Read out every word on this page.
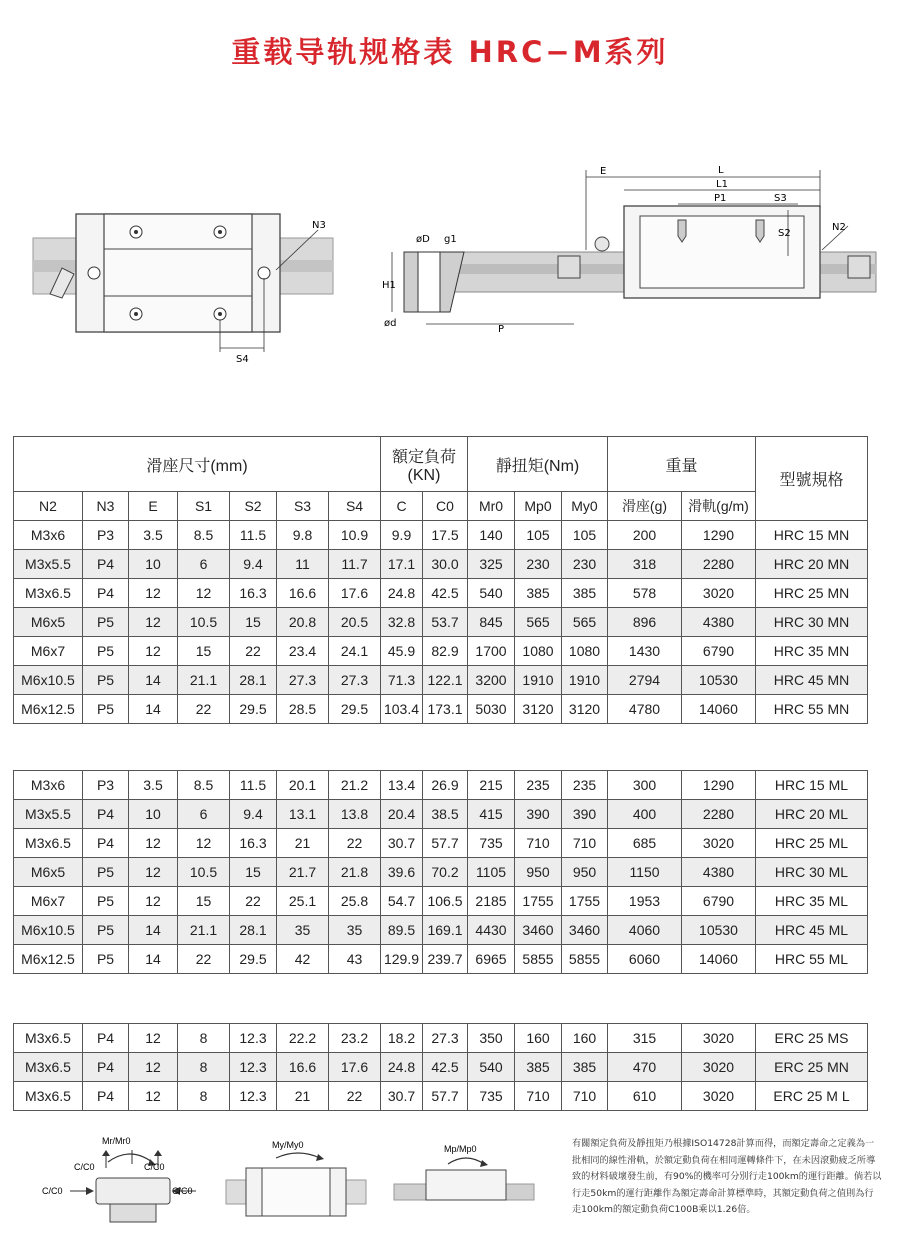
重载导轨规格表 HRC−M系列
N3
S4
E	L
L1
P1	S3
S2
N2
øD g1
H1
ød
P
滑座尺寸(mm)							額定負荷(KN)		靜扭矩(Nm)			重量		型號規格
N2	N3	E	S1	S2	S3	S4	C	C0	Mr0	Mp0	My0	滑座(g)	滑軌(g/m)	
M3x6	P3	3.5	8.5	11.5	9.8	10.9	9.9	17.5	140	105	105	200	1290	HRC 15 MN
M3x5.5	P4	10	6	9.4	11	11.7	17.1	30.0	325	230	230	318	2280	HRC 20 MN
M3x6.5	P4	12	12	16.3	16.6	17.6	24.8	42.5	540	385	385	578	3020	HRC 25 MN
M6x5	P5	12	10.5	15	20.8	20.5	32.8	53.7	845	565	565	896	4380	HRC 30 MN
M6x7	P5	12	15	22	23.4	24.1	45.9	82.9	1700	1080	1080	1430	6790	HRC 35 MN
M6x10.5	P5	14	21.1	28.1	27.3	27.3	71.3	122.1	3200	1910	1910	2794	10530	HRC 45 MN
M6x12.5	P5	14	22	29.5	28.5	29.5	103.4	173.1	5030	3120	3120	4780	14060	HRC 55 MN
M3x6	P3	3.5	8.5	11.5	20.1	21.2	13.4	26.9	215	235	235	300	1290	HRC 15 ML
M3x5.5	P4	10	6	9.4	13.1	13.8	20.4	38.5	415	390	390	400	2280	HRC 20 ML
M3x6.5	P4	12	12	16.3	21	22	30.7	57.7	735	710	710	685	3020	HRC 25 ML
M6x5	P5	12	10.5	15	21.7	21.8	39.6	70.2	1105	950	950	1150	4380	HRC 30 ML
M6x7	P5	12	15	22	25.1	25.8	54.7	106.5	2185	1755	1755	1953	6790	HRC 35 ML
M6x10.5	P5	14	21.1	28.1	35	35	89.5	169.1	4430	3460	3460	4060	10530	HRC 45 ML
M6x12.5	P5	14	22	29.5	42	43	129.9	239.7	6965	5855	5855	6060	14060	HRC 55 ML
M3x6.5	P4	12	8	12.3	22.2	23.2	18.2	27.3	350	160	160	315	3020	ERC 25 MS
M3x6.5	P4	12	8	12.3	16.6	17.6	24.8	42.5	540	385	385	470	3020	ERC 25 MN
M3x6.5	P4	12	8	12.3	21	22	30.7	57.7	735	710	710	610	3020	ERC 25 M L
Mr/Mr0
C/C0	C/C0
C/C0	C/C0
My/My0	Mp/Mp0	有關額定負荷及靜扭矩乃根據ISO14728計算而得，而額定壽命之定義為一批相同的線性滑軌，於額定動負荷在相同運轉條件下，在未因滾動疲乏所導致的材料破壞發生前，有90%的機率可分別行走100km的運行距離。倘若以行走50km的運行距離作為額定壽命計算標準時，其額定動負荷之值則為行走100km的額定動負荷C100B乘以1.26倍。
